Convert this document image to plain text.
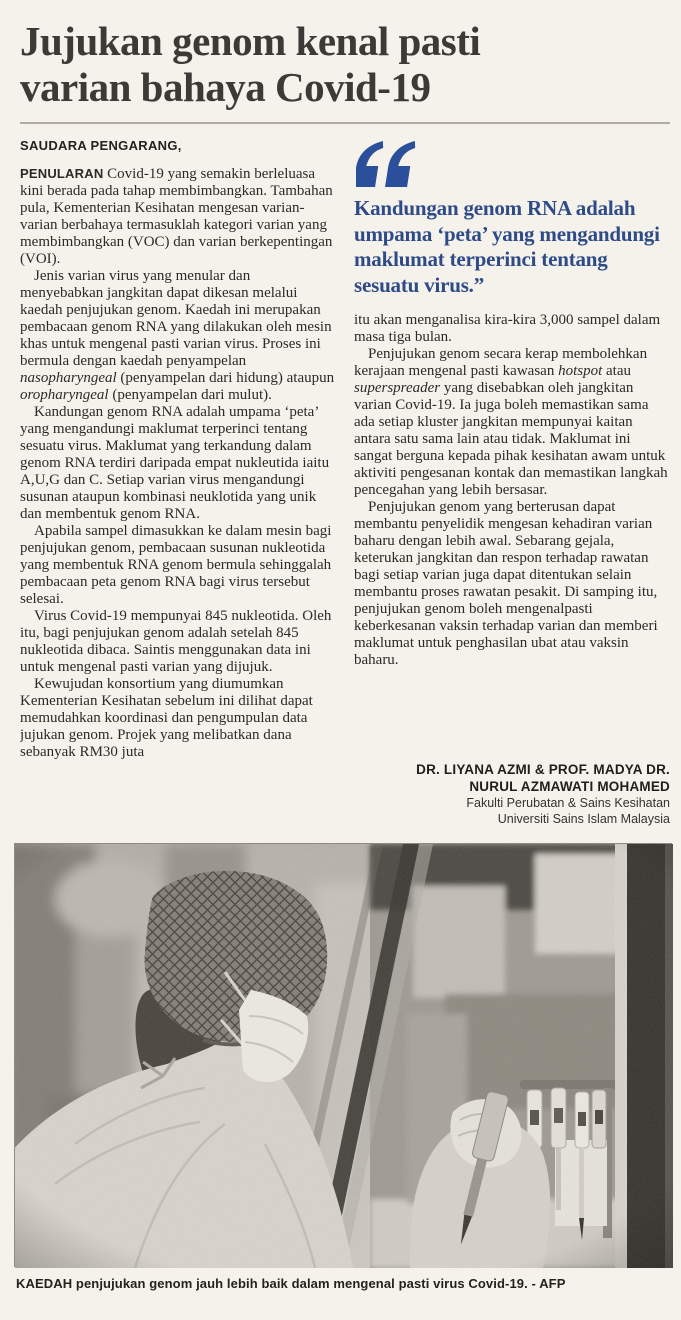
Jujukan genom kenal pasti
varian bahaya Covid-19
SAUDARA PENGARANG,

PENULARAN Covid-19 yang semakin berleluasa kini berada pada tahap membimbangkan. Tambahan pula, Kementerian Kesihatan mengesan varian-varian berbahaya termasuklah kategori varian yang membimbangkan (VOC) dan varian berkepentingan (VOI).

Jenis varian virus yang menular dan menyebabkan jangkitan dapat dikesan melalui kaedah penjujukan genom. Kaedah ini merupakan pembacaan genom RNA yang dilakukan oleh mesin khas untuk mengenal pasti varian virus. Proses ini bermula dengan kaedah penyampelan nasopharyngeal (penyampelan dari hidung) ataupun oropharyngeal (penyampelan dari mulut).

Kandungan genom RNA adalah umpama ‘peta’ yang mengandungi maklumat terperinci tentang sesuatu virus. Maklumat yang terkandung dalam genom RNA terdiri daripada empat nukleutida iaitu A,U,G dan C. Setiap varian virus mengandungi susunan ataupun kombinasi neuklotida yang unik dan membentuk genom RNA.

Apabila sampel dimasukkan ke dalam mesin bagi penjujukan genom, pembacaan susunan nukleotida yang membentuk RNA genom bermula sehinggalah pembacaan peta genom RNA bagi virus tersebut selesai.

Virus Covid-19 mempunyai 845 nukleotida. Oleh itu, bagi penjujukan genom adalah setelah 845 nukleotida dibaca. Saintis menggunakan data ini untuk mengenal pasti varian yang dijujuk.

Kewujudan konsortium yang diumumkan Kementerian Kesihatan sebelum ini dilihat dapat memudahkan koordinasi dan pengumpulan data jujukan genom. Projek yang melibatkan dana sebanyak RM30 juta

Kandungan genom RNA adalah umpama ‘peta’ yang mengandungi maklumat terperinci tentang sesuatu virus.”

itu akan menganalisa kira-kira 3,000 sampel dalam masa tiga bulan.

Penjujukan genom secara kerap membolehkan kerajaan mengenal pasti kawasan hotspot atau superspreader yang disebabkan oleh jangkitan varian Covid-19. Ia juga boleh memastikan sama ada setiap kluster jangkitan mempunyai kaitan antara satu sama lain atau tidak. Maklumat ini sangat berguna kepada pihak kesihatan awam untuk aktiviti pengesanan kontak dan memastikan langkah pencegahan yang lebih bersasar.

Penjujukan genom yang berterusan dapat membantu penyelidik mengesan kehadiran varian baharu dengan lebih awal. Sebarang gejala, keterukan jangkitan dan respon terhadap rawatan bagi setiap varian juga dapat ditentukan selain membantu proses rawatan pesakit. Di samping itu, penjujukan genom boleh mengenalpasti keberkesanan vaksin terhadap varian dan memberi maklumat untuk penghasilan ubat atau vaksin baharu.

DR. LIYANA AZMI & PROF. MADYA DR.
NURUL AZMAWATI MOHAMED
Fakulti Perubatan & Sains Kesihatan
Universiti Sains Islam Malaysia
KAEDAH penjujukan genom jauh lebih baik dalam mengenal pasti virus Covid-19. - AFP
